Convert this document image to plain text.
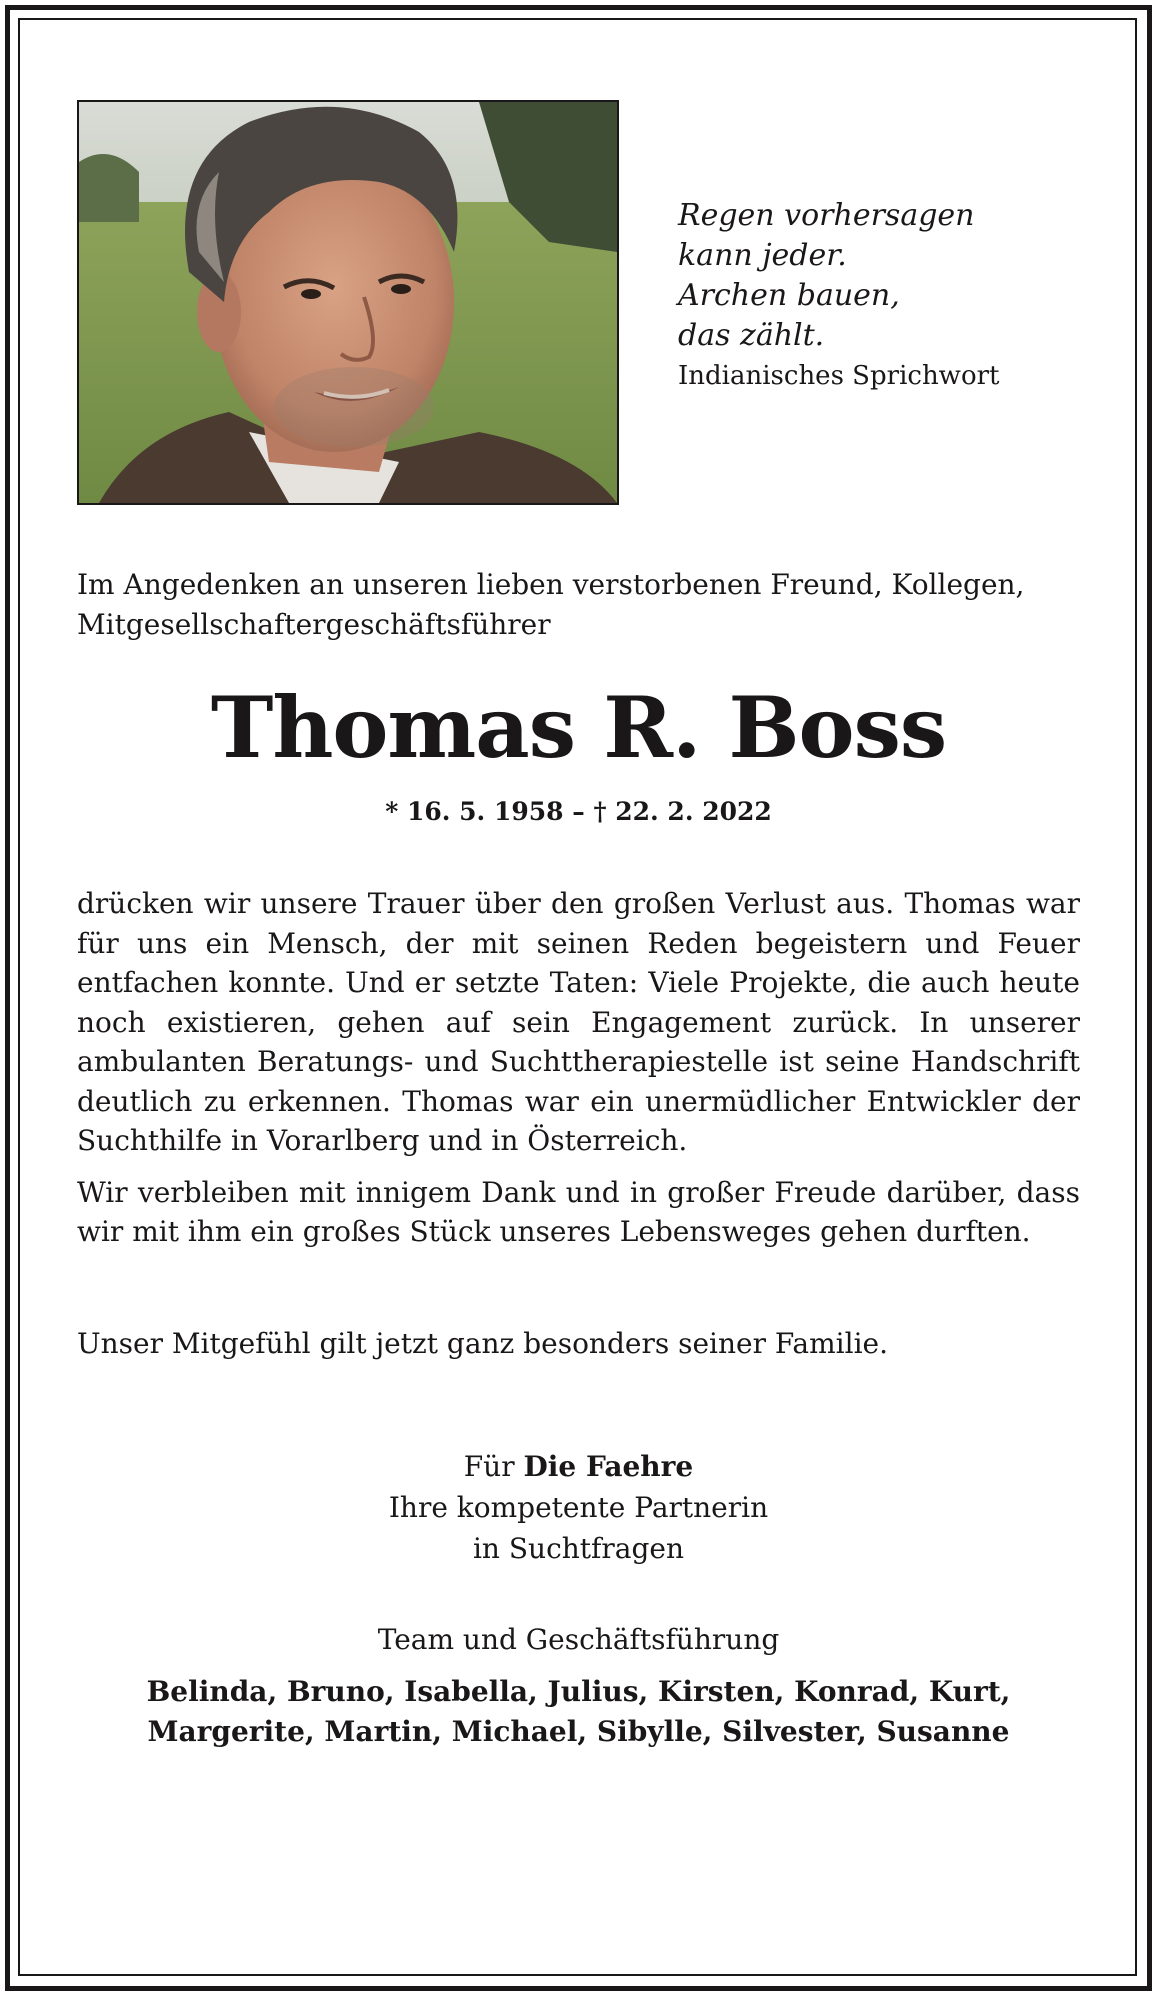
Regen vorhersagen
kann jeder.
Archen bauen,
das zählt.
Indianisches Sprichwort
Im Angedenken an unseren lieben verstorbenen Freund, Kollegen,
Mitgesellschaftergeschäftsführer
Thomas R. Boss
* 16. 5. 1958 – † 22. 2. 2022

drücken wir unsere Trauer über den großen Verlust aus. Thomas war für uns ein Mensch, der mit seinen Reden begeistern und Feuer entfachen konnte. Und er setzte Taten: Viele Projekte, die auch heute noch existieren, gehen auf sein Engagement zurück. In unserer ambulanten Beratungs- und Suchttherapiestelle ist seine Handschrift deutlich zu erkennen. Thomas war ein unermüdlicher Entwickler der Suchthilfe in Vorarlberg und in Österreich.

Wir verbleiben mit innigem Dank und in großer Freude darüber, dass wir mit ihm ein großes Stück unseres Lebensweges gehen durften.

Unser Mitgefühl gilt jetzt ganz besonders seiner Familie.
Für Die Faehre
Ihre kompetente Partnerin
in Suchtfragen
Team und Geschäftsführung
Belinda, Bruno, Isabella, Julius, Kirsten, Konrad, Kurt,
Margerite, Martin, Michael, Sibylle, Silvester, Susanne
